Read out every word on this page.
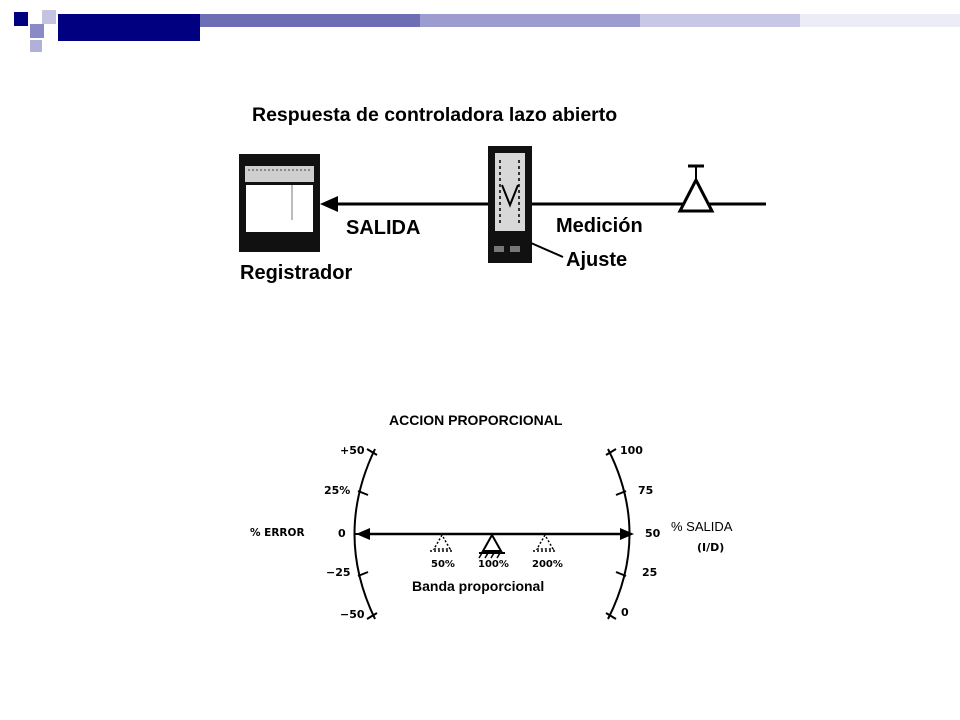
Respuesta de controladora lazo abierto
Registrador
SALIDA	Medición
Ajuste
ACCION PROPORCIONAL
% ERROR
+50
25%
0
−25
−50
100
75
50
25
0
% SALIDA
(I/D)
50% 100% 200%
Banda proporcional
